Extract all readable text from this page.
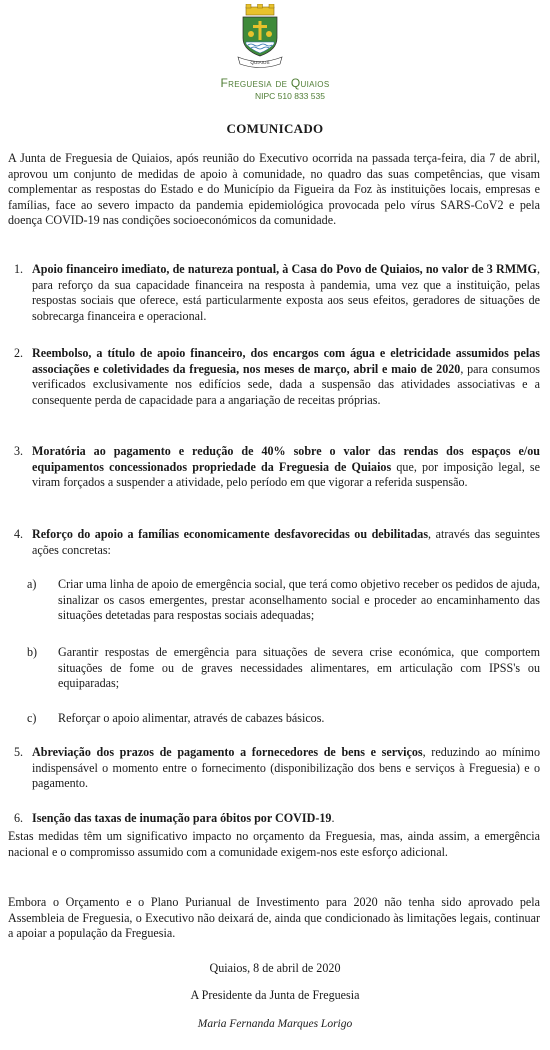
QUIAIOS
Freguesia de Quiaios
NIPC 510 833 535
COMUNICADO

A Junta de Freguesia de Quiaios, após reunião do Executivo ocorrida na passada terça-feira, dia 7 de abril, aprovou um conjunto de medidas de apoio à comunidade, no quadro das suas competências, que visam complementar as respostas do Estado e do Município da Figueira da Foz às instituições locais, empresas e famílias, face ao severo impacto da pandemia epidemiológica provocada pelo vírus SARS-CoV2 e pela doença COVID-19 nas condições socioeconómicos da comunidade.

1. Apoio financeiro imediato, de natureza pontual, à Casa do Povo de Quiaios, no valor de 3 RMMG, para reforço da sua capacidade financeira na resposta à pandemia, uma vez que a instituição, pelas respostas sociais que oferece, está particularmente exposta aos seus efeitos, geradores de situações de sobrecarga financeira e operacional.

2. Reembolso, a título de apoio financeiro, dos encargos com água e eletricidade assumidos pelas associações e coletividades da freguesia, nos meses de março, abril e maio de 2020, para consumos verificados exclusivamente nos edifícios sede, dada a suspensão das atividades associativas e a consequente perda de capacidade para a angariação de receitas próprias.

3. Moratória ao pagamento e redução de 40% sobre o valor das rendas dos espaços e/ou equipamentos concessionados propriedade da Freguesia de Quiaios que, por imposição legal, se viram forçados a suspender a atividade, pelo período em que vigorar a referida suspensão.

4. Reforço do apoio a famílias economicamente desfavorecidas ou debilitadas, através das seguintes ações concretas:

a) Criar uma linha de apoio de emergência social, que terá como objetivo receber os pedidos de ajuda, sinalizar os casos emergentes, prestar aconselhamento social e proceder ao encaminhamento das situações detetadas para respostas sociais adequadas;

b) Garantir respostas de emergência para situações de severa crise económica, que comportem situações de fome ou de graves necessidades alimentares, em articulação com IPSS's ou equiparadas;

c) Reforçar o apoio alimentar, através de cabazes básicos.

5. Abreviação dos prazos de pagamento a fornecedores de bens e serviços, reduzindo ao mínimo indispensável o momento entre o fornecimento (disponibilização dos bens e serviços à Freguesia) e o pagamento.

6. Isenção das taxas de inumação para óbitos por COVID-19.

Estas medidas têm um significativo impacto no orçamento da Freguesia, mas, ainda assim, a emergência nacional e o compromisso assumido com a comunidade exigem-nos este esforço adicional.

Embora o Orçamento e o Plano Purianual de Investimento para 2020 não tenha sido aprovado pela Assembleia de Freguesia, o Executivo não deixará de, ainda que condicionado às limitações legais, continuar a apoiar a população da Freguesia.

Quiaios, 8 de abril de 2020

A Presidente da Junta de Freguesia

Maria Fernanda Marques Lorigo
